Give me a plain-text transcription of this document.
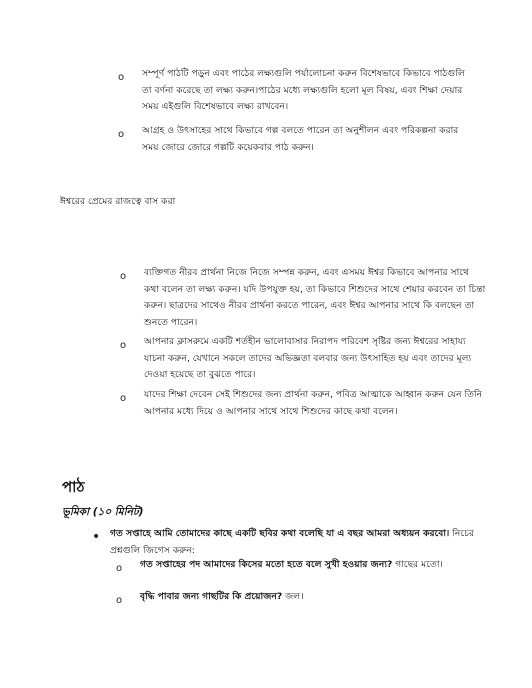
o সম্পূর্ণ পাঠটি পড়ুন এবং পাঠের লক্ষ্যগুলি পর্যালোচনা করুন বিশেষভাবে কিভাবে পাঠগুলি তা বর্ণনা করেছে তা লক্ষ্য করুন।পাঠের মধ্যে লক্ষ্যগুলি হলো মূল বিষয়, এবং শিক্ষা দেয়ার সময় এইগুলি বিশেষভাবে লক্ষ্য রাখবেন।
o আগ্রহ ও উৎসাহের সাথে কিভাবে গল্প বলতে পারেন তা অনুশীলন এবং পরিকল্পনা করার সময় জোরে জোরে গল্পটি কয়েকবার পাঠ করুন।
ঈশ্বরের প্রেমের রাজত্বে বাস করা
o ব্যক্তিগত নীরব প্রার্থনা নিজে নিজে সম্পন্ন করুন, এবং এসময় ঈশ্বর কিভাবে আপনার সাথে কথা বলেন তা লক্ষ্য করুন। যদি উপযুক্ত হয়, তা কিভাবে শিশুদের সাথে শেয়ার করবেন তা চিন্তা করুন। ছাত্রদের সাথেও নীরব প্রার্থনা করতে পারেন, এবং ঈশ্বর আপনার সাথে কি বলছেন তা শুনতে পারেন।
o আপনার ক্লাসরুমে একটি শর্তহীন ভালোবাসার নিরাপদ পরিবেশ সৃষ্টির জন্য ঈশ্বরের সাহায্য যাচনা করুন, যেখানে সকলে তাদের অভিজ্ঞতা বলবার জন্য উৎসাহিত হয় এবং তাদের মূল্য দেওয়া হয়েছে তা বুঝতে পারে।
o যাদের শিক্ষা দেবেন সেই শিশুদের জন্য প্রার্থনা করুন, পবিত্র আত্মাকে আহ্বান করুন যেন তিনি আপনার মধ্যে দিয়ে ও আপনার সাথে সাথে শিশুদের কাছে কথা বলেন।
পাঠ
ভূমিকা (১০ মিনিট)
• গত সপ্তাহে আমি তোমাদের কাছে একটি ছবির কথা বলেছি যা এ বছর আমরা অধ্যয়ন করবো। নিচের প্রশ্নগুলি জিগেস করুন:
o গত সপ্তাহের পদ আমাদের কিসের মতো হতে বলে সুখী হওয়ার জন্য? গাছের মতো।
o বৃদ্ধি পাবার জন্য গাছটির কি প্রয়োজন? জল।
